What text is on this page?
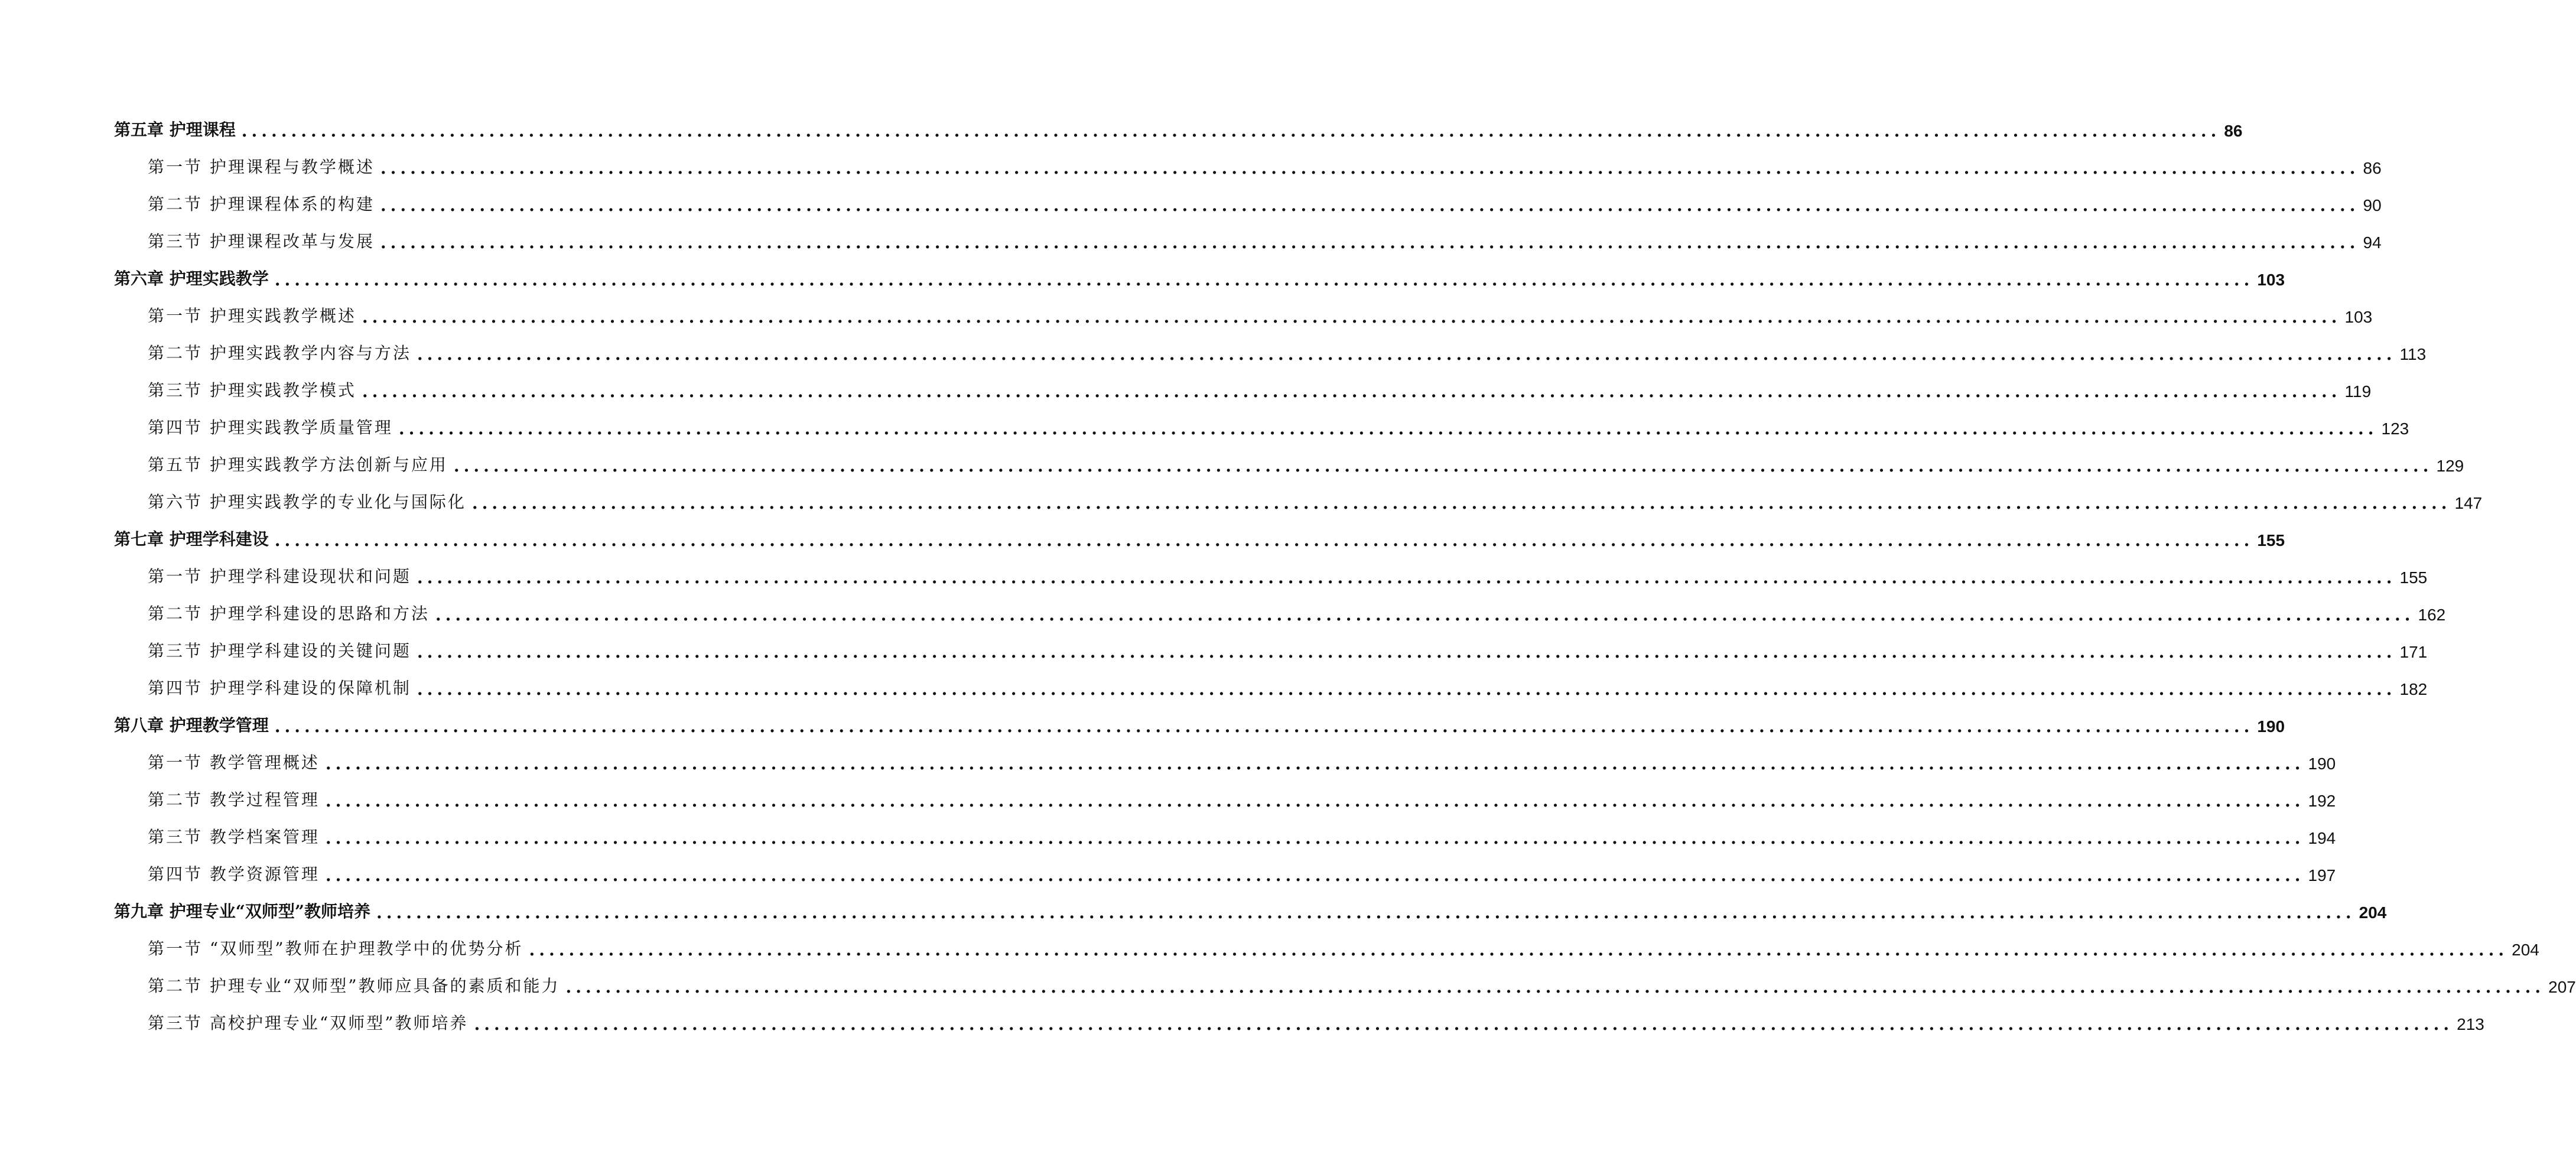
第五章 护理课程 ........................................................................................................................................................................................................ 86
第一节 护理课程与教学概述 ........................................................................................................................................................................................................ 86
第二节 护理课程体系的构建 ........................................................................................................................................................................................................ 90
第三节 护理课程改革与发展 ........................................................................................................................................................................................................ 94
第六章 护理实践教学 ........................................................................................................................................................................................................ 103
第一节 护理实践教学概述 ........................................................................................................................................................................................................ 103
第二节 护理实践教学内容与方法 ........................................................................................................................................................................................................ 113
第三节 护理实践教学模式 ........................................................................................................................................................................................................ 119
第四节 护理实践教学质量管理 ........................................................................................................................................................................................................ 123
第五节 护理实践教学方法创新与应用 ........................................................................................................................................................................................................ 129
第六节 护理实践教学的专业化与国际化 ........................................................................................................................................................................................................ 147
第七章 护理学科建设 ........................................................................................................................................................................................................ 155
第一节 护理学科建设现状和问题 ........................................................................................................................................................................................................ 155
第二节 护理学科建设的思路和方法 ........................................................................................................................................................................................................ 162
第三节 护理学科建设的关键问题 ........................................................................................................................................................................................................ 171
第四节 护理学科建设的保障机制 ........................................................................................................................................................................................................ 182
第八章 护理教学管理 ........................................................................................................................................................................................................ 190
第一节 教学管理概述 ........................................................................................................................................................................................................ 190
第二节 教学过程管理 ........................................................................................................................................................................................................ 192
第三节 教学档案管理 ........................................................................................................................................................................................................ 194
第四节 教学资源管理 ........................................................................................................................................................................................................ 197
第九章 护理专业“双师型”教师培养 ........................................................................................................................................................................................................ 204
第一节 “双师型”教师在护理教学中的优势分析 ........................................................................................................................................................................................................ 204
第二节 护理专业“双师型”教师应具备的素质和能力 ........................................................................................................................................................................................................ 207
第三节 高校护理专业“双师型”教师培养 ........................................................................................................................................................................................................ 213
